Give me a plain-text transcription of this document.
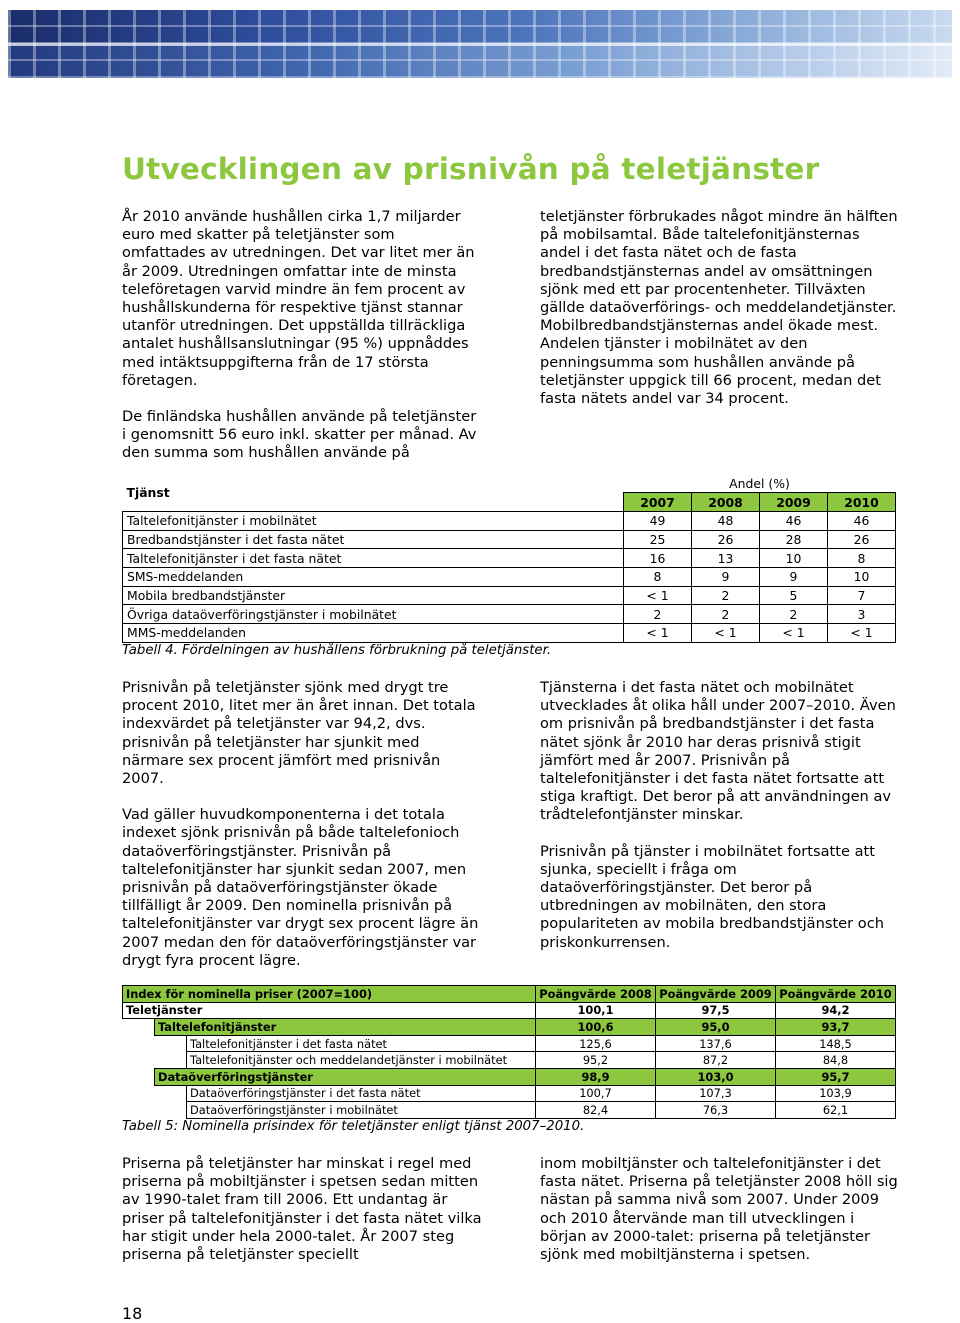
Utvecklingen av prisnivån på teletjänster

År 2010 använde hushållen cirka 1,7 miljarder euro med skatter på teletjänster som omfattades av utredningen. Det var litet mer än år 2009. Utredningen omfattar inte de minsta teleföretagen varvid mindre än fem procent av hushållskunderna för respektive tjänst stannar utanför utredningen. Det uppställda tillräckliga antalet hushållsanslutningar (95 %) uppnåddes med intäktsuppgifterna från de 17 största företagen.

De finländska hushållen använde på teletjänster i genomsnitt 56 euro inkl. skatter per månad. Av den summa som hushållen använde på

teletjänster förbrukades något mindre än hälften på mobilsamtal. Både taltelefonitjänsternas andel i det fasta nätet och de fasta bredbandstjänsternas andel av omsättningen sjönk med ett par procentenheter. Tillväxten gällde dataöverförings- och meddelandetjänster. Mobilbredbandstjänsternas andel ökade mest. Andelen tjänster i mobilnätet av den penningsumma som hushållen använde på teletjänster uppgick till 66 procent, medan det fasta nätets andel var 34 procent.

Tjänst		Andel (%)			
		2007	2008	2009	2010
Taltelefonitjänster i mobilnätet		49	48	46	46
Bredbandstjänster i det fasta nätet		25	26	28	26
Taltelefonitjänster i det fasta nätet		16	13	10	8
SMS-meddelanden		8	9	9	10
Mobila bredbandstjänster		< 1	2	5	7
Övriga dataöverföringstjänster i mobilnätet		2	2	2	3
MMS-meddelanden		< 1	< 1	< 1	< 1
Tabell 4. Fördelningen av hushållens förbrukning på teletjänster.

Prisnivån på teletjänster sjönk med drygt tre procent 2010, litet mer än året innan. Det totala indexvärdet på teletjänster var 94,2, dvs. prisnivån på teletjänster har sjunkit med närmare sex procent jämfört med prisnivån 2007.

Vad gäller huvudkomponenterna i det totala indexet sjönk prisnivån på både taltelefonioch dataöverföringstjänster. Prisnivån på taltelefonitjänster har sjunkit sedan 2007, men prisnivån på dataöverföringstjänster ökade tillfälligt år 2009. Den nominella prisnivån på taltelefonitjänster var drygt sex procent lägre än 2007 medan den för dataöverföringstjänster var drygt fyra procent lägre.

Tjänsterna i det fasta nätet och mobilnätet utvecklades åt olika håll under 2007–2010. Även om prisnivån på bredbandstjänster i det fasta nätet sjönk år 2010 har deras prisnivå stigit jämfört med år 2007. Prisnivån på taltelefonitjänster i det fasta nätet fortsatte att stiga kraftigt. Det beror på att användningen av trådtelefontjänster minskar.

Prisnivån på tjänster i mobilnätet fortsatte att sjunka, speciellt i fråga om dataöverföringstjänster. Det beror på utbredningen av mobilnäten, den stora populariteten av mobila bredbandstjänster och priskonkurrensen.

Index för nominella priser (2007=100)			Poängvärde 2008	Poängvärde 2009	Poängvärde 2010
Teletjänster			100,1	97,5	94,2
	Taltelefonitjänster		100,6	95,0	93,7
		Taltelefonitjänster i det fasta nätet	125,6	137,6	148,5
		Taltelefonitjänster och meddelandetjänster i mobilnätet	95,2	87,2	84,8
	Dataöverföringstjänster		98,9	103,0	95,7
		Dataöverföringstjänster i det fasta nätet	100,7	107,3	103,9
		Dataöverföringstjänster i mobilnätet	82,4	76,3	62,1
Tabell 5: Nominella prisindex för teletjänster enligt tjänst 2007–2010.

Priserna på teletjänster har minskat i regel med priserna på mobiltjänster i spetsen sedan mitten av 1990-talet fram till 2006. Ett undantag är priser på taltelefonitjänster i det fasta nätet vilka har stigit under hela 2000-talet. År 2007 steg priserna på teletjänster speciellt

inom mobiltjänster och taltelefonitjänster i det fasta nätet. Priserna på teletjänster 2008 höll sig nästan på samma nivå som 2007. Under 2009 och 2010 återvände man till utvecklingen i början av 2000-talet: priserna på teletjänster sjönk med mobiltjänsterna i spetsen.

18
